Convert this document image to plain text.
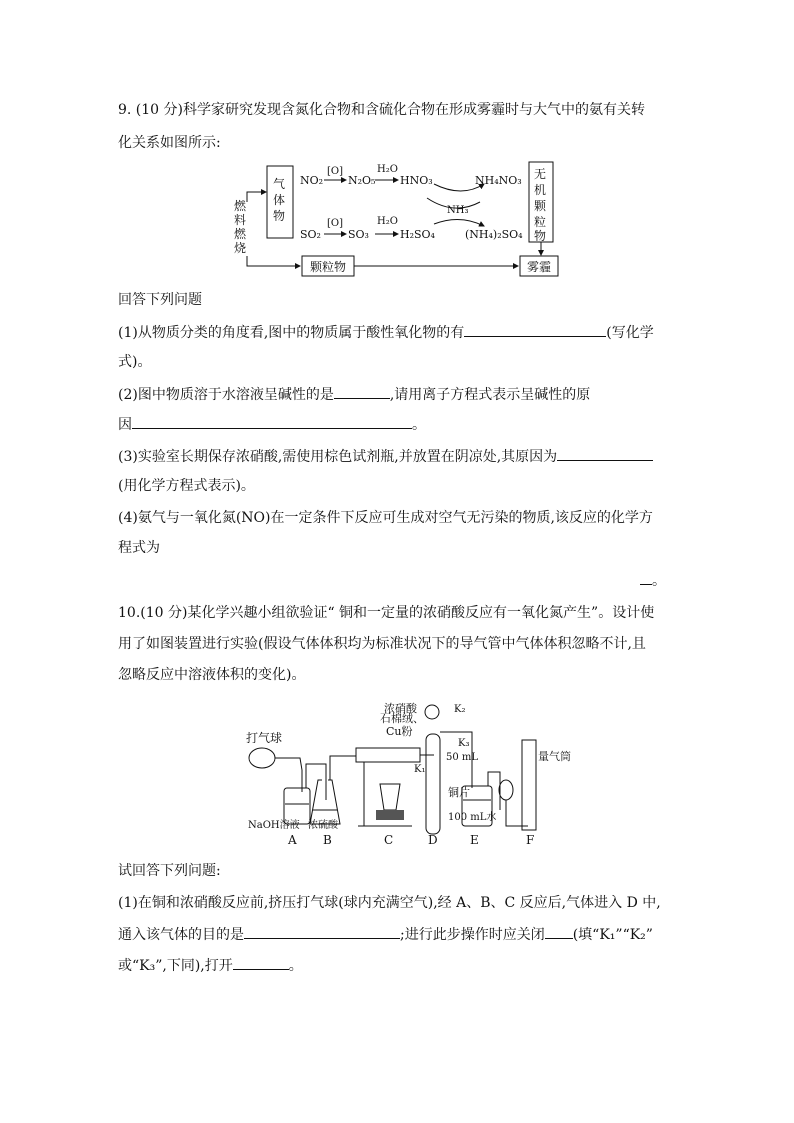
9. (10 分)科学家研究发现含氮化合物和含硫化合物在形成雾霾时与大气中的氨有关转
化关系如图所示:
气
体
物
燃
料
燃
烧
NO₂
[O]
N₂O₅
H₂O
HNO₃	NH₄NO₃
NH₃
SO₂
[O]
SO₃
H₂O
H₂SO₄	(NH₄)₂SO₄
无
机
颗
粒
物
颗粒物	雾霾
回答下列问题
(1)从物质分类的角度看,图中的物质属于酸性氧化物的有	(写化学
式)。
(2)图中物质溶于水溶液呈碱性的是	,请用离子方程式表示呈碱性的原
因	。
(3)实验室长期保存浓硝酸,需使用棕色试剂瓶,并放置在阴凉处,其原因为
(用化学方程式表示)。
(4)氨气与一氧化氮(NO)在一定条件下反应可生成对空气无污染的物质,该反应的化学方
程式为
。
10.(10 分)某化学兴趣小组欲验证“ 铜和一定量的浓硝酸反应有一氧化氮产生”。设计使
用了如图装置进行实验(假设气体体积均为标准状况下的导气管中气体体积忽略不计,且
忽略反应中溶液体积的变化)。
打气球
石棉绒、
Cu粉
K₁
浓硝酸	K₂
K₃
50 mL
铜片
100 mL水
量气筒
NaOH溶液 浓硫酸
A B	C	D	E	F
试回答下列问题:
(1)在铜和浓硝酸反应前,挤压打气球(球内充满空气),经 A、B、C 反应后,气体进入 D 中,
通入该气体的目的是	;进行此步操作时应关闭 (填“K₁”“K₂”
或“K₃”,下同),打开	。
